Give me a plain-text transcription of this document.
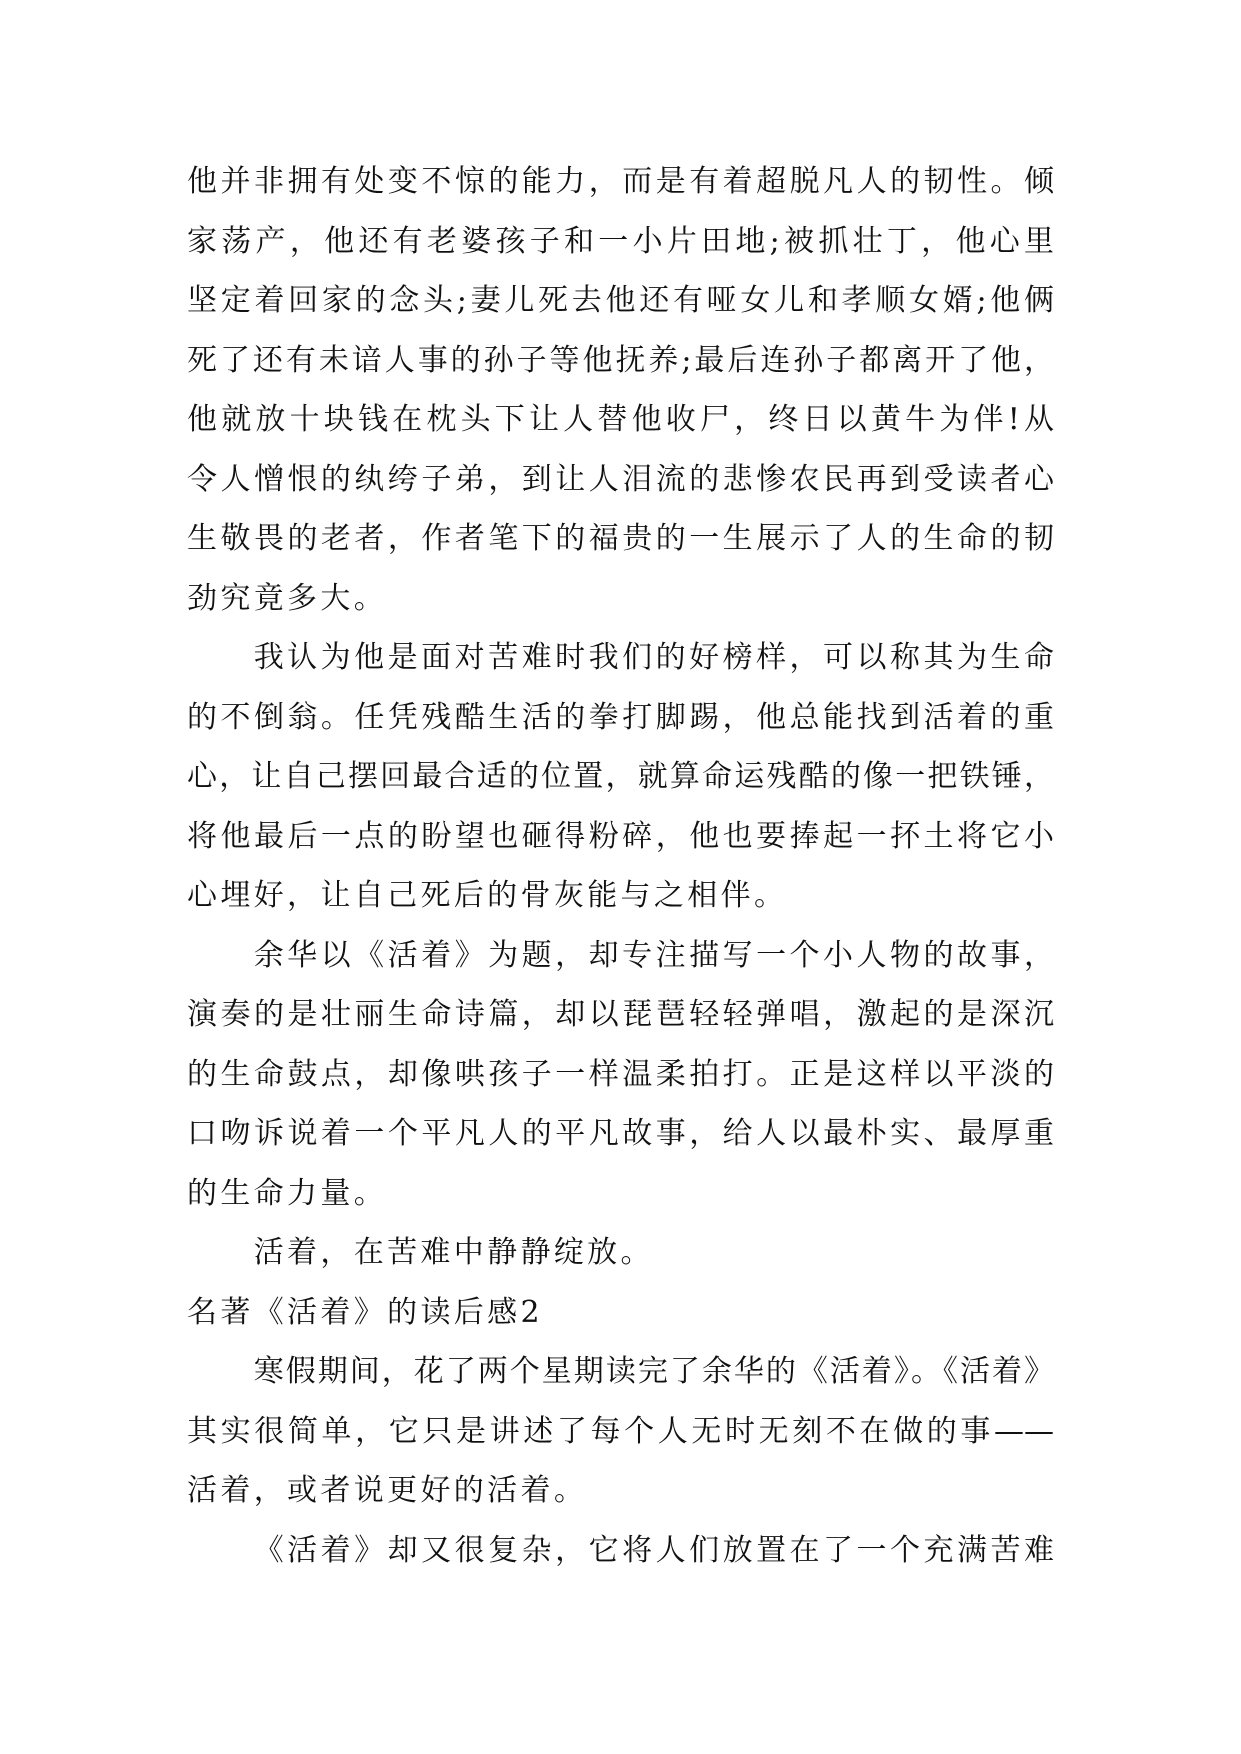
他并非拥有处变不惊的能力，而是有着超脱凡人的韧性。倾
家荡产，他还有老婆孩子和一小片田地;被抓壮丁，他心里
坚定着回家的念头;妻儿死去他还有哑女儿和孝顺女婿;他俩
死了还有未谙人事的孙子等他抚养;最后连孙子都离开了他，
他就放十块钱在枕头下让人替他收尸，终日以黄牛为伴!从
令人憎恨的纨绔子弟，到让人泪流的悲惨农民再到受读者心
生敬畏的老者，作者笔下的福贵的一生展示了人的生命的韧
劲究竟多大。
我认为他是面对苦难时我们的好榜样，可以称其为生命
的不倒翁。任凭残酷生活的拳打脚踢，他总能找到活着的重
心，让自己摆回最合适的位置，就算命运残酷的像一把铁锤，
将他最后一点的盼望也砸得粉碎，他也要捧起一抔土将它小
心埋好，让自己死后的骨灰能与之相伴。
余华以《活着》为题，却专注描写一个小人物的故事，
演奏的是壮丽生命诗篇，却以琵琶轻轻弹唱，激起的是深沉
的生命鼓点，却像哄孩子一样温柔拍打。正是这样以平淡的
口吻诉说着一个平凡人的平凡故事，给人以最朴实、最厚重
的生命力量。
活着，在苦难中静静绽放。
名著《活着》的读后感2
寒假期间，花了两个星期读完了余华的《活着》。《活着》
其实很简单，它只是讲述了每个人无时无刻不在做的事——
活着，或者说更好的活着。
《活着》却又很复杂，它将人们放置在了一个充满苦难
